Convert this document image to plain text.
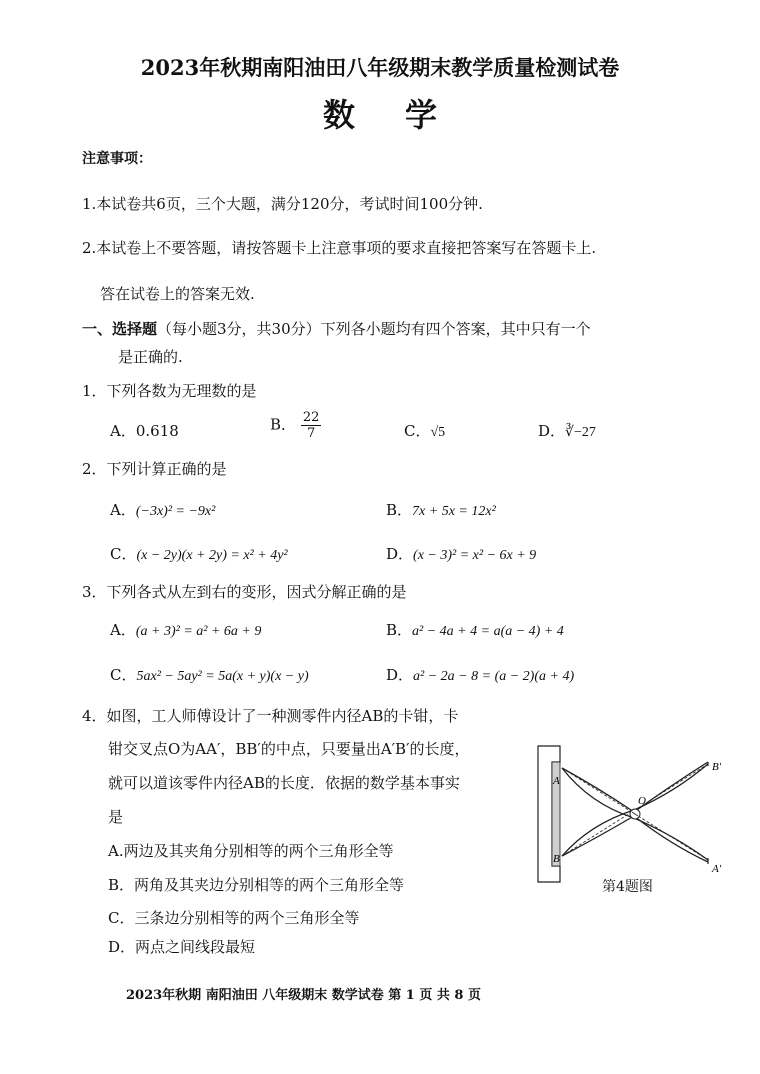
2023年秋期南阳油田八年级期末教学质量检测试卷
数学
注意事项：
1.本试卷共6页，三个大题，满分120分，考试时间100分钟.
2.本试卷上不要答题，请按答题卡上注意事项的要求直接把答案写在答题卡上.
答在试卷上的答案无效.
一、选择题（每小题3分，共30分）下列各小题均有四个答案，其中只有一个
是正确的.
1．下列各数为无理数的是
A．0.618	B． $\frac{22}{7}$	C．√5	D．∛−27
2．下列计算正确的是
A．(−3x)² = −9x²	B．7x + 5x = 12x²
C．(x − 2y)(x + 2y) = x² + 4y²	D．(x − 3)² = x² − 6x + 9
3．下列各式从左到右的变形，因式分解正确的是
A．(a + 3)² = a² + 6a + 9	B．a² − 4a + 4 = a(a − 4) + 4
C．5ax² − 5ay² = 5a(x + y)(x − y)	D．a² − 2a − 8 = (a − 2)(a + 4)
4．如图，工人师傅设计了一种测零件内径AB的卡钳，卡
钳交叉点O为AA′，BB′的中点，只要量出A′B′的长度，
就可以道该零件内径AB的长度．依据的数学基本事实
是
A.两边及其夹角分别相等的两个三角形全等
B．两角及其夹边分别相等的两个三角形全等
C．三条边分别相等的两个三角形全等
D．两点之间线段最短
A
B
O
B′
A′
第4题图
2023年秋期 南阳油田 八年级期末 数学试卷 第 1 页 共 8 页
